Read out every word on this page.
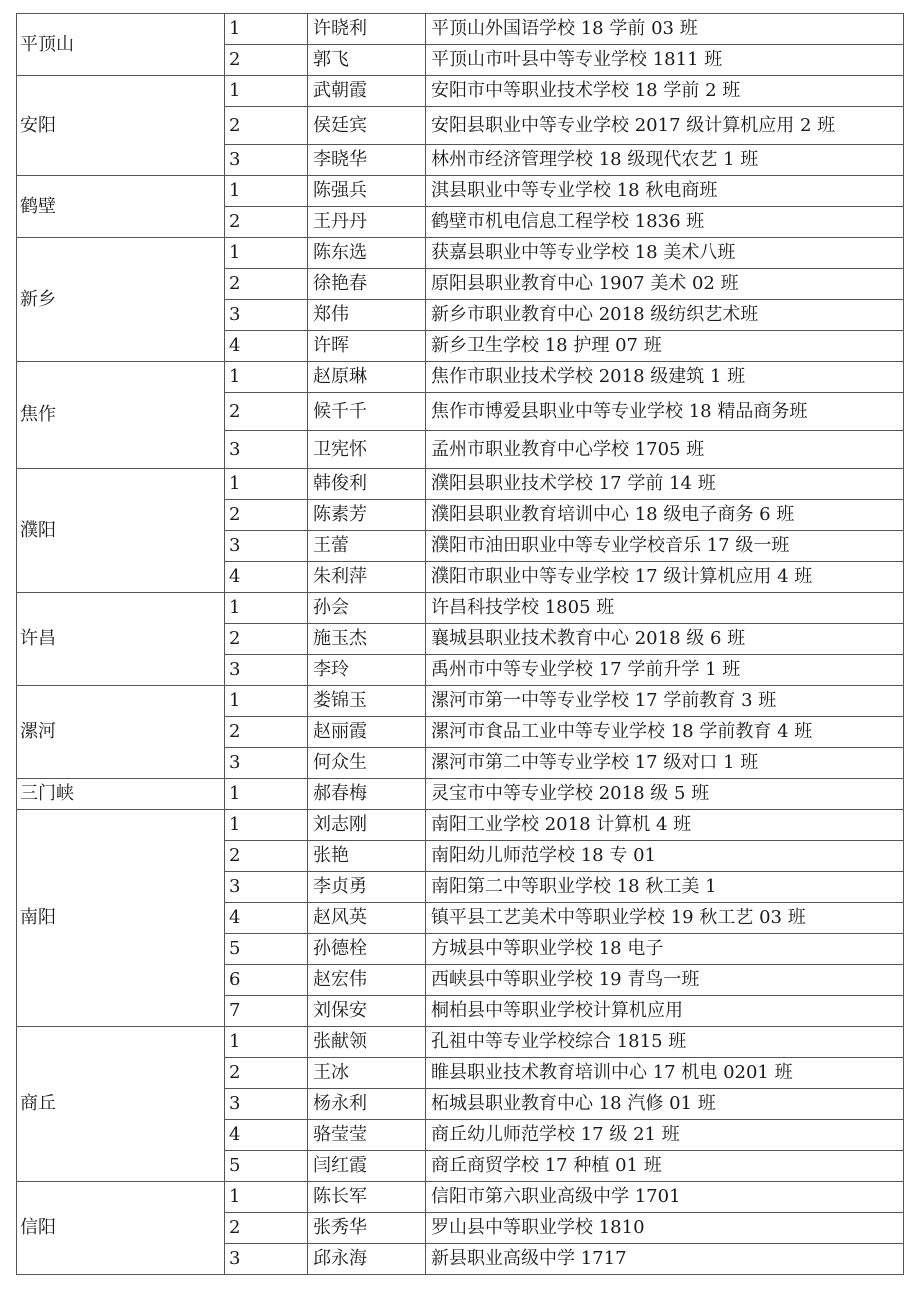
平顶山	1	许晓利	平顶山外国语学校 18 学前 03 班
	2	郭飞	平顶山市叶县中等专业学校 1811 班
安阳	1	武朝霞	安阳市中等职业技术学校 18 学前 2 班
	2	侯廷宾	安阳县职业中等专业学校 2017 级计算机应用 2 班
	3	李晓华	林州市经济管理学校 18 级现代农艺 1 班
鹤壁	1	陈强兵	淇县职业中等专业学校 18 秋电商班
	2	王丹丹	鹤壁市机电信息工程学校 1836 班
新乡	1	陈东选	获嘉县职业中等专业学校 18 美术八班
	2	徐艳春	原阳县职业教育中心 1907 美术 02 班
	3	郑伟	新乡市职业教育中心 2018 级纺织艺术班
	4	许晖	新乡卫生学校 18 护理 07 班
焦作	1	赵原琳	焦作市职业技术学校 2018 级建筑 1 班
	2	候千千	焦作市博爱县职业中等专业学校 18 精品商务班
	3	卫宪怀	孟州市职业教育中心学校 1705 班
濮阳	1	韩俊利	濮阳县职业技术学校 17 学前 14 班
	2	陈素芳	濮阳县职业教育培训中心 18 级电子商务 6 班
	3	王蕾	濮阳市油田职业中等专业学校音乐 17 级一班
	4	朱利萍	濮阳市职业中等专业学校 17 级计算机应用 4 班
许昌	1	孙会	许昌科技学校 1805 班
	2	施玉杰	襄城县职业技术教育中心 2018 级 6 班
	3	李玲	禹州市中等专业学校 17 学前升学 1 班
漯河	1	娄锦玉	漯河市第一中等专业学校 17 学前教育 3 班
	2	赵丽霞	漯河市食品工业中等专业学校 18 学前教育 4 班
	3	何众生	漯河市第二中等专业学校 17 级对口 1 班
三门峡	1	郝春梅	灵宝市中等专业学校 2018 级 5 班
南阳	1	刘志刚	南阳工业学校 2018 计算机 4 班
	2	张艳	南阳幼儿师范学校 18 专 01
	3	李贞勇	南阳第二中等职业学校 18 秋工美 1
	4	赵风英	镇平县工艺美术中等职业学校 19 秋工艺 03 班
	5	孙德栓	方城县中等职业学校 18 电子
	6	赵宏伟	西峡县中等职业学校 19 青鸟一班
	7	刘保安	桐柏县中等职业学校计算机应用
商丘	1	张献领	孔祖中等专业学校综合 1815 班
	2	王冰	睢县职业技术教育培训中心 17 机电 0201 班
	3	杨永利	柘城县职业教育中心 18 汽修 01 班
	4	骆莹莹	商丘幼儿师范学校 17 级 21 班
	5	闫红霞	商丘商贸学校 17 种植 01 班
信阳	1	陈长军	信阳市第六职业高级中学 1701
	2	张秀华	罗山县中等职业学校 1810
	3	邱永海	新县职业高级中学 1717
